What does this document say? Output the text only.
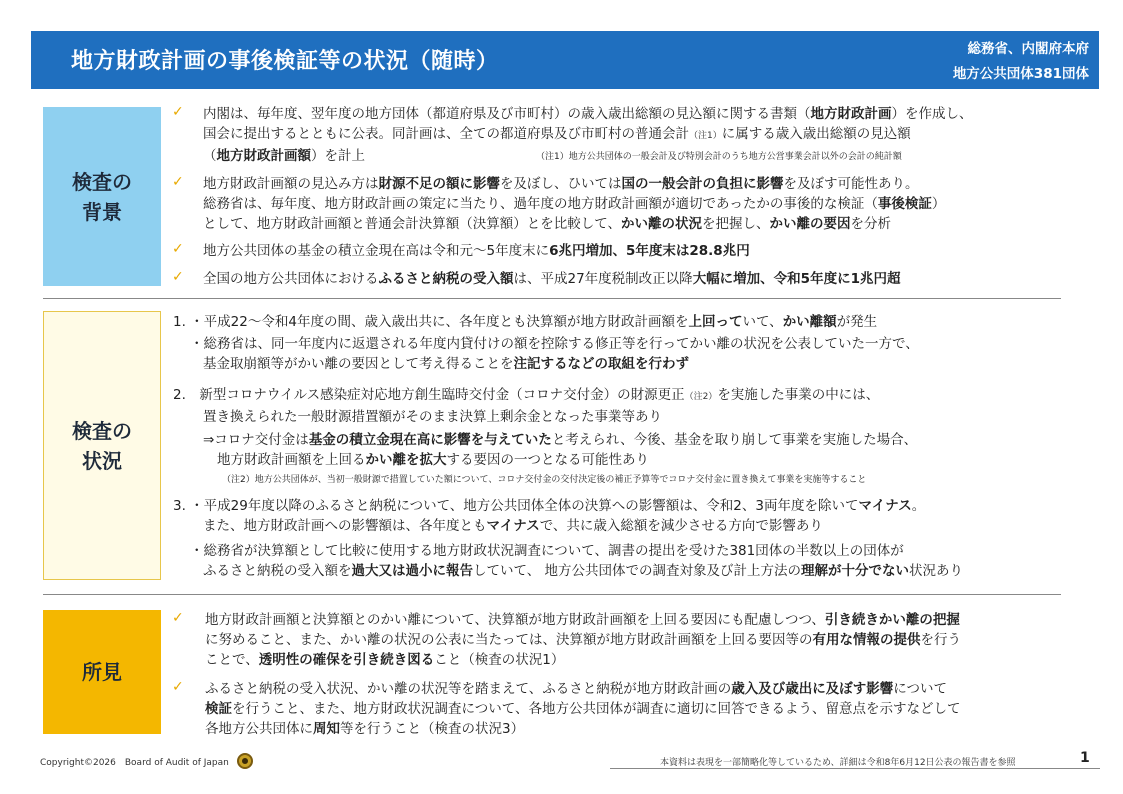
地方財政計画の事後検証等の状況（随時）	総務省、内閣府本府
地方公共団体381団体
検査の
背景
検査の
状況
所見
✓ 内閣は、毎年度、翌年度の地方団体（都道府県及び市町村）の歳入歳出総額の見込額に関する書類（地方財政計画）を作成し、

国会に提出するとともに公表。同計画は、全ての都道府県及び市町村の普通会計（注1）に属する歳入歳出総額の見込額

（地方財政計画額）を計上	（注1）地方公共団体の一般会計及び特別会計のうち地方公営事業会計以外の会計の純計額
✓ 地方財政計画額の見込み方は財源不足の額に影響を及ぼし、ひいては国の一般会計の負担に影響を及ぼす可能性あり。

総務省は、毎年度、地方財政計画の策定に当たり、過年度の地方財政計画額が適切であったかの事後的な検証（事後検証）

として、地方財政計画額と普通会計決算額（決算額）とを比較して、かい離の状況を把握し、かい離の要因を分析

✓ 地方公共団体の基金の積立金現在高は令和元～5年度末に6兆円増加、5年度末は28.8兆円

✓ 全国の地方公共団体におけるふるさと納税の受入額は、平成27年度税制改正以降大幅に増加、令和5年度に1兆円超

1. ・平成22～令和4年度の間、歳入歳出共に、各年度とも決算額が地方財政計画額を上回っていて、かい離額が発生

・総務省は、同一年度内に返還される年度内貸付けの額を控除する修正等を行ってかい離の状況を公表していた一方で、

基金取崩額等がかい離の要因として考え得ることを注記するなどの取組を行わず

2.　新型コロナウイルス感染症対応地方創生臨時交付金（コロナ交付金）の財源更正（注2）を実施した事業の中には、

置き換えられた一般財源措置額がそのまま決算上剰余金となった事業等あり

⇒コロナ交付金は基金の積立金現在高に影響を与えていたと考えられ、今後、基金を取り崩して事業を実施した場合、

地方財政計画額を上回るかい離を拡大する要因の一つとなる可能性あり

（注2）地方公共団体が、当初一般財源で措置していた額について、コロナ交付金の交付決定後の補正予算等でコロナ交付金に置き換えて事業を実施等すること

3. ・平成29年度以降のふるさと納税について、地方公共団体全体の決算への影響額は、令和2、3両年度を除いてマイナス。

また、地方財政計画への影響額は、各年度ともマイナスで、共に歳入総額を減少させる方向で影響あり

・総務省が決算額として比較に使用する地方財政状況調査について、調書の提出を受けた381団体の半数以上の団体が

ふるさと納税の受入額を過大又は過小に報告していて、 地方公共団体での調査対象及び計上方法の理解が十分でない状況あり

✓ 地方財政計画額と決算額とのかい離について、決算額が地方財政計画額を上回る要因にも配慮しつつ、引き続きかい離の把握

に努めること、また、かい離の状況の公表に当たっては、決算額が地方財政計画額を上回る要因等の有用な情報の提供を行う

ことで、透明性の確保を引き続き図ること（検査の状況1）

✓ ふるさと納税の受入状況、かい離の状況等を踏まえて、ふるさと納税が地方財政計画の歳入及び歳出に及ぼす影響について

検証を行うこと、また、地方財政状況調査について、各地方公共団体が調査に適切に回答できるよう、留意点を示すなどして

各地方公共団体に周知等を行うこと（検査の状況3）

Copyright©2026　Board of Audit of Japan	本資料は表現を一部簡略化等しているため、詳細は令和8年6月12日公表の報告書を参照	1
